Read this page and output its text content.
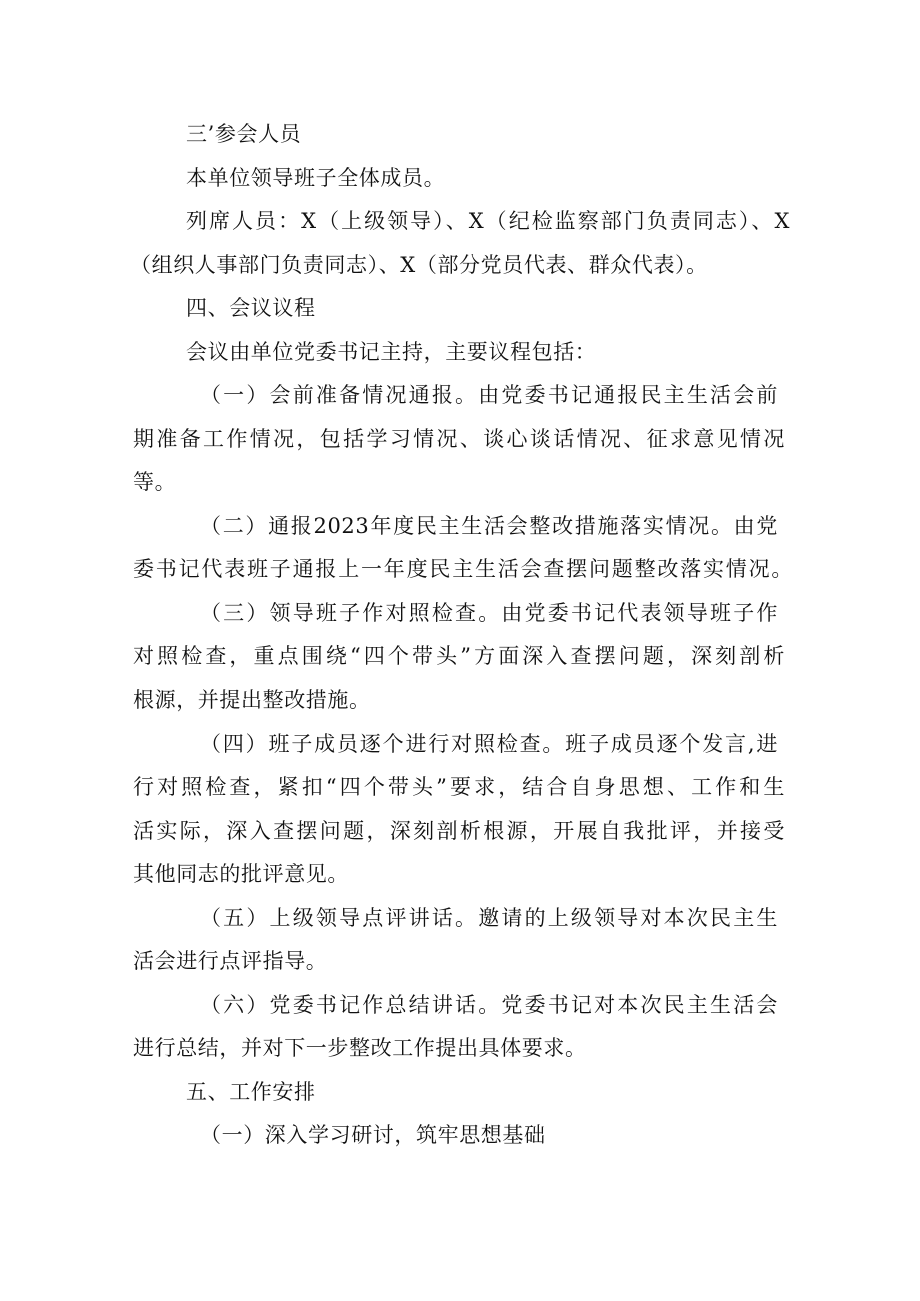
三’参会人员
本单位领导班子全体成员。
列席人员：X（上级领导）、X（纪检监察部门负责同志）、X
（组织人事部门负责同志）、X（部分党员代表、群众代表）。
四、会议议程
会议由单位党委书记主持，主要议程包括：
（一）会前准备情况通报。由党委书记通报民主生活会前
期准备工作情况，包括学习情况、谈心谈话情况、征求意见情况
等。
（二）通报2023年度民主生活会整改措施落实情况。由党
委书记代表班子通报上一年度民主生活会查摆问题整改落实情况。
（三）领导班子作对照检查。由党委书记代表领导班子作
对照检查，重点围绕“四个带头”方面深入查摆问题，深刻剖析
根源，并提出整改措施。
（四）班子成员逐个进行对照检查。班子成员逐个发言,进
行对照检查，紧扣“四个带头”要求，结合自身思想、工作和生
活实际，深入查摆问题，深刻剖析根源，开展自我批评，并接受
其他同志的批评意见。
（五）上级领导点评讲话。邀请的上级领导对本次民主生
活会进行点评指导。
（六）党委书记作总结讲话。党委书记对本次民主生活会
进行总结，并对下一步整改工作提出具体要求。
五、工作安排
（一）深入学习研讨，筑牢思想基础
